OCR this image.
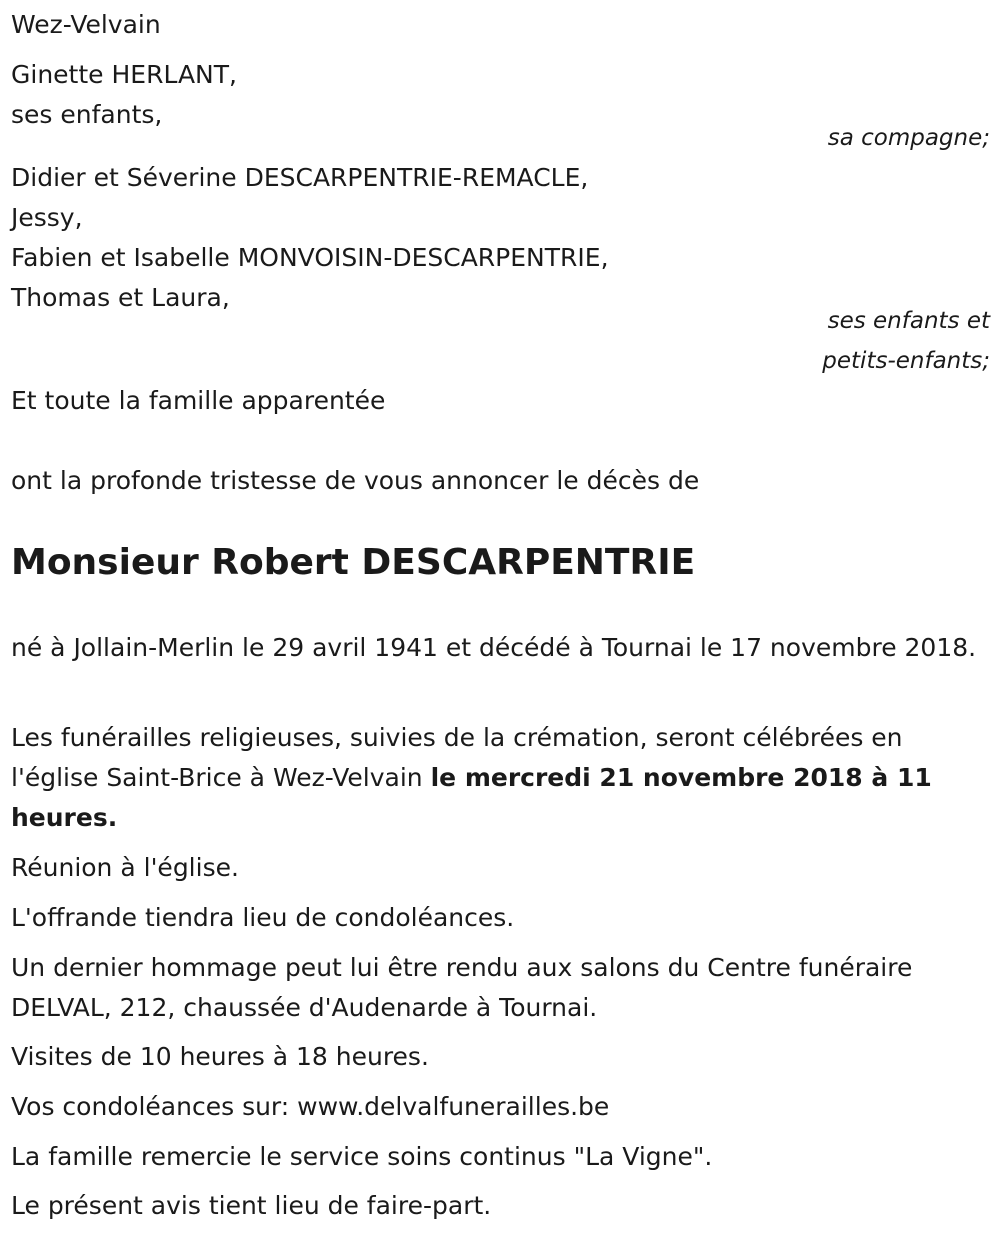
Wez-Velvain

Ginette HERLANT,

ses enfants,

sa compagne;

Didier et Séverine DESCARPENTRIE-REMACLE,

Jessy,

Fabien et Isabelle MONVOISIN-DESCARPENTRIE,

Thomas et Laura,

ses enfants et

petits-enfants;

Et toute la famille apparentée

ont la profonde tristesse de vous annoncer le décès de

Monsieur Robert DESCARPENTRIE

né à Jollain-Merlin le 29 avril 1941 et décédé à Tournai le 17 novembre 2018.

Les funérailles religieuses, suivies de la crémation, seront célébrées en l'église Saint-Brice à Wez-Velvain le mercredi 21 novembre 2018 à 11 heures.

Réunion à l'église.

L'offrande tiendra lieu de condoléances.

Un dernier hommage peut lui être rendu aux salons du Centre funéraire DELVAL, 212, chaussée d'Audenarde à Tournai.

Visites de 10 heures à 18 heures.

Vos condoléances sur: www.delvalfunerailles.be

La famille remercie le service soins continus "La Vigne".

Le présent avis tient lieu de faire-part.
